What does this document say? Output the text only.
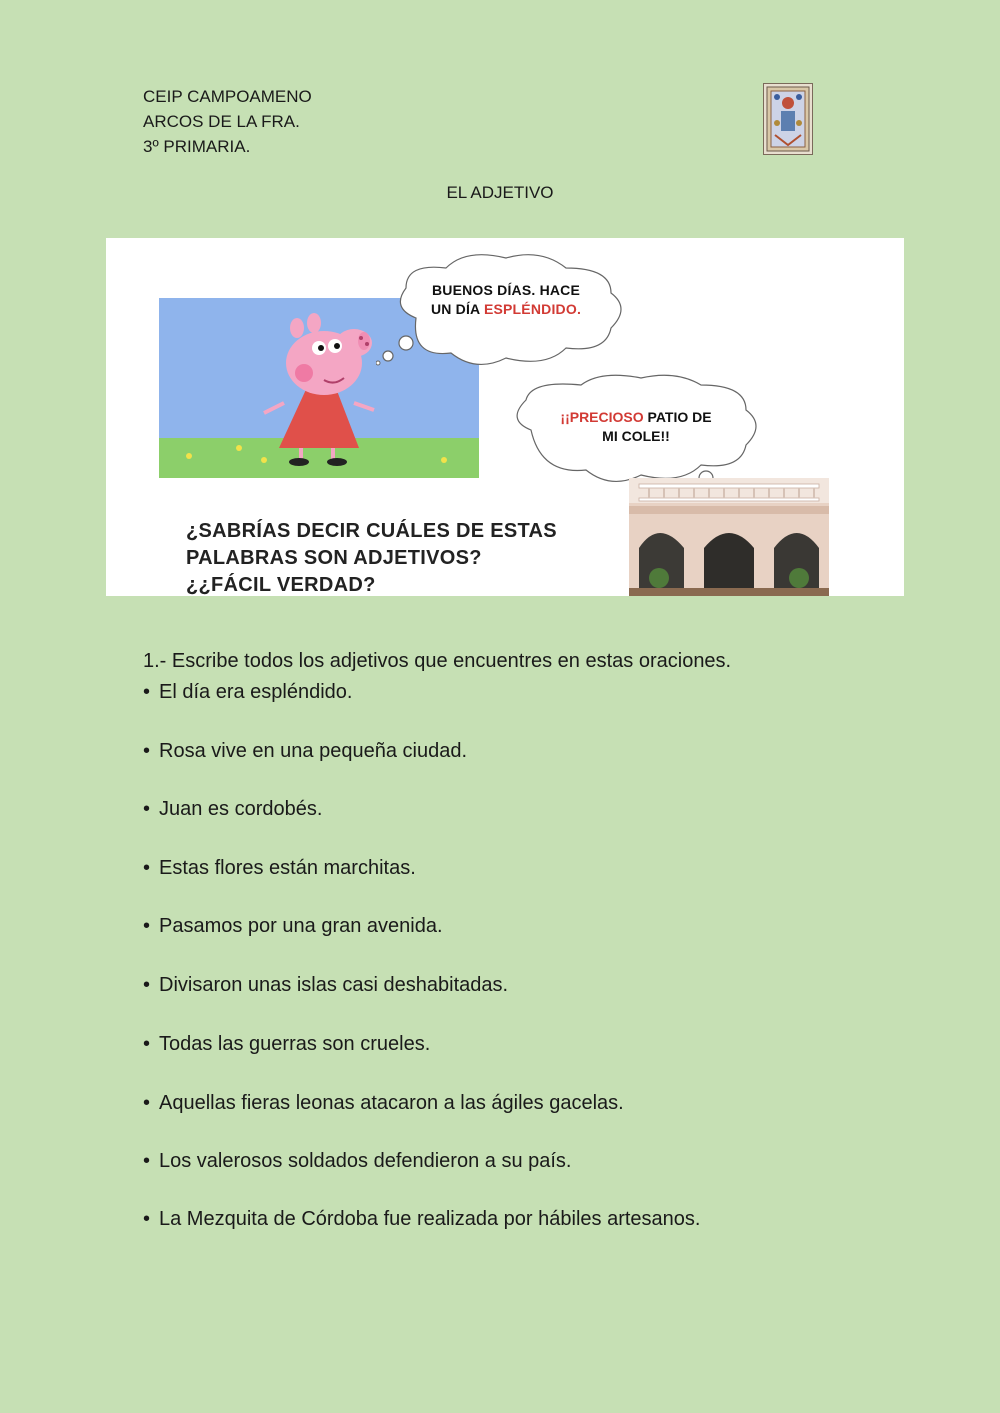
CEIP CAMPOAMENO
ARCOS DE LA FRA.
3º PRIMARIA.
EL ADJETIVO
BUENOS DÍAS. HACE
UN DÍA ESPLÉNDIDO.
¡¡PRECIOSO PATIO DE
MI COLE!!
¿SABRÍAS DECIR CUÁLES DE ESTAS
PALABRAS SON ADJETIVOS?
¿¿FÁCIL VERDAD?
1.- Escribe todos los adjetivos que encuentres en estas oraciones.
• El día era espléndido.
• Rosa vive en una pequeña ciudad.
• Juan es cordobés.
• Estas flores están marchitas.
• Pasamos por una gran avenida.
• Divisaron unas islas casi deshabitadas.
• Todas las guerras son crueles.
• Aquellas fieras leonas atacaron a las ágiles gacelas.
• Los valerosos soldados defendieron a su país.
• La Mezquita de Córdoba fue realizada por hábiles artesanos.
